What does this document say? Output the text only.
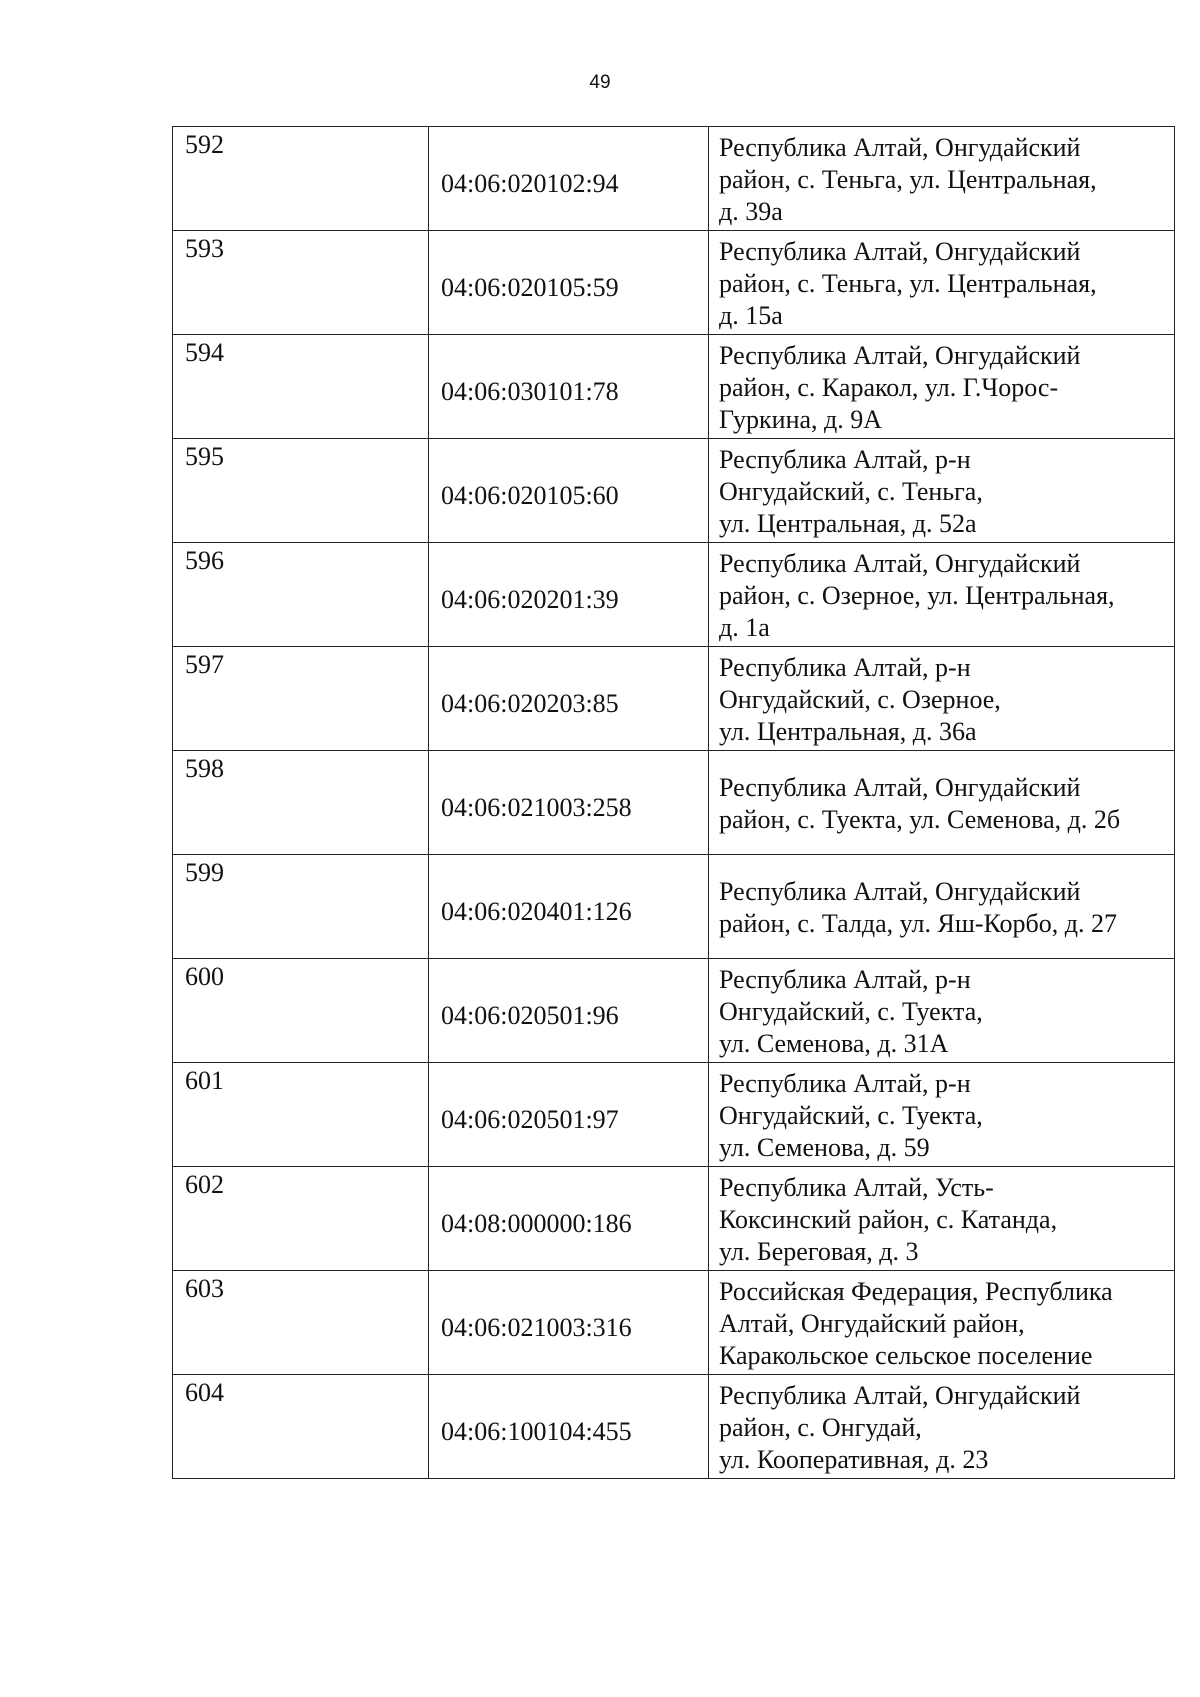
49
592	04:06:020102:94	Республика Алтай, Онгудайский
район, с. Теньга, ул. Центральная,
д. 39а

593	04:06:020105:59	Республика Алтай, Онгудайский
район, с. Теньга, ул. Центральная,
д. 15а

594	04:06:030101:78	Республика Алтай, Онгудайский
район, с. Каракол, ул. Г.Чорос-
Гуркина, д. 9А

595	04:06:020105:60	Республика Алтай, р-н
Онгудайский, с. Теньга,
ул. Центральная, д. 52а

596	04:06:020201:39	Республика Алтай, Онгудайский
район, с. Озерное, ул. Центральная,
д. 1а

597	04:06:020203:85	Республика Алтай, р-н
Онгудайский, с. Озерное,
ул. Центральная, д. 36а

598	04:06:021003:258	Республика Алтай, Онгудайский
район, с. Туекта, ул. Семенова, д. 2б

599	04:06:020401:126	Республика Алтай, Онгудайский
район, с. Талда, ул. Яш-Корбо, д. 27

600	04:06:020501:96	Республика Алтай, р-н
Онгудайский, с. Туекта,
ул. Семенова, д. 31А

601	04:06:020501:97	Республика Алтай, р-н
Онгудайский, с. Туекта,
ул. Семенова, д. 59

602	04:08:000000:186	Республика Алтай, Усть-
Коксинский район, с. Катанда,
ул. Береговая, д. 3

603	04:06:021003:316	Российская Федерация, Республика
Алтай, Онгудайский район,
Каракольское сельское поселение

604	04:06:100104:455	Республика Алтай, Онгудайский
район, с. Онгудай,
ул. Кооперативная, д. 23
